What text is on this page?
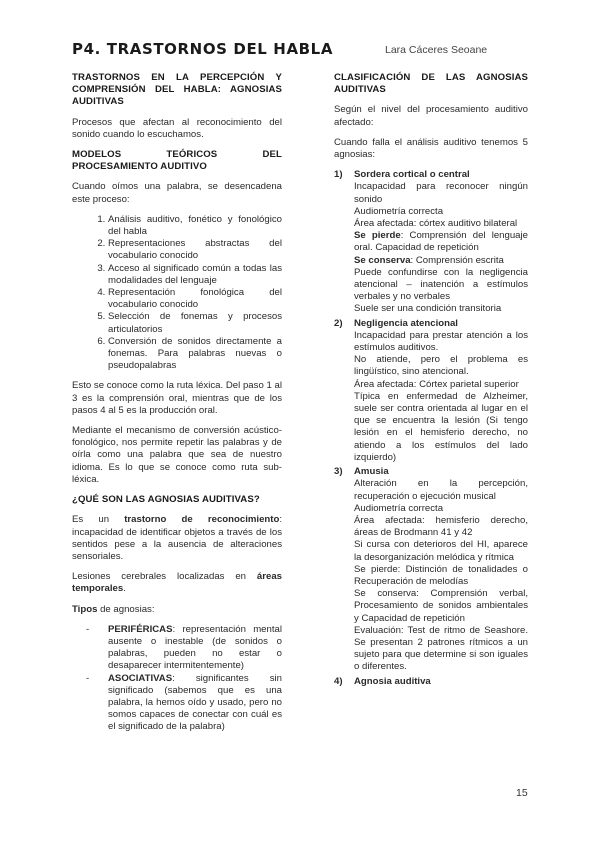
P4. TRASTORNOS DEL HABLA	Lara Cáceres Seoane
TRASTORNOS EN LA PERCEPCIÓN Y COMPRENSIÓN DEL HABLA: AGNOSIAS AUDITIVAS

Procesos que afectan al reconocimiento del sonido cuando lo escuchamos.

MODELOS TEÓRICOS DEL PROCESAMIENTO AUDITIVO

Cuando oímos una palabra, se desencadena este proceso:

1. Análisis auditivo, fonético y fonológico del habla
2. Representaciones abstractas del vocabulario conocido
3. Acceso al significado común a todas las modalidades del lenguaje
4. Representación fonológica del vocabulario conocido
5. Selección de fonemas y procesos articulatorios
6. Conversión de sonidos directamente a fonemas. Para palabras nuevas o pseudopalabras

Esto se conoce como la ruta léxica. Del paso 1 al 3 es la comprensión oral, mientras que de los pasos 4 al 5 es la producción oral.

Mediante el mecanismo de conversión acústico-fonológico, nos permite repetir las palabras y de oírla como una palabra que sea de nuestro idioma. Es lo que se conoce como ruta sub-léxica.

¿QUÉ SON LAS AGNOSIAS AUDITIVAS?

Es un trastorno de reconocimiento: incapacidad de identificar objetos a través de los sentidos pese a la ausencia de alteraciones sensoriales.

Lesiones cerebrales localizadas en áreas temporales.

Tipos de agnosias:

- PERIFÉRICAS: representación mental ausente o inestable (de sonidos o palabras, pueden no estar o desaparecer intermitentemente)
- ASOCIATIVAS: significantes sin significado (sabemos que es una palabra, la hemos oído y usado, pero no somos capaces de conectar con cuál es el significado de la palabra)
CLASIFICACIÓN DE LAS AGNOSIAS AUDITIVAS

Según el nivel del procesamiento auditivo afectado:

Cuando falla el análisis auditivo tenemos 5 agnosias:

1) Sordera cortical o central
Incapacidad para reconocer ningún sonido
Audiometría correcta
Área afectada: córtex auditivo bilateral
Se pierde: Comprensión del lenguaje oral. Capacidad de repetición
Se conserva: Comprensión escrita
Puede confundirse con la negligencia atencional – inatención a estímulos verbales y no verbales
Suele ser una condición transitoria
2) Negligencia atencional
Incapacidad para prestar atención a los estímulos auditivos.
No atiende, pero el problema es lingüístico, sino atencional.
Área afectada: Córtex parietal superior
Típica en enfermedad de Alzheimer, suele ser contra orientada al lugar en el que se encuentra la lesión (Si tengo lesión en el hemisferio derecho, no atiendo a los estímulos del lado izquierdo)
3) Amusia
Alteración en la percepción, recuperación o ejecución musical
Audiometría correcta
Área afectada: hemisferio derecho, áreas de Brodmann 41 y 42
Si cursa con deterioros del HI, aparece la desorganización melódica y rítmica
Se pierde: Distinción de tonalidades o Recuperación de melodías
Se conserva: Comprensión verbal, Procesamiento de sonidos ambientales y Capacidad de repetición
Evaluación: Test de ritmo de Seashore. Se presentan 2 patrones rítmicos a un sujeto para que determine si son iguales o diferentes.
4) Agnosia auditiva
15
